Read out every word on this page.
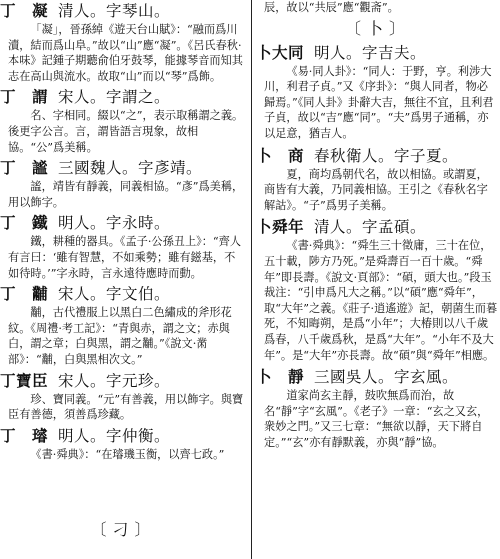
丁　凝 清人。字琴山。
「凝」，晉孫綽《遊天台山賦》：“融而爲川瀆，結而爲山阜。”故以“山”應“凝”。《呂氏春秋·本味》記鍾子期聽俞伯牙鼓琴，能據琴音而知其志在高山與流水。故取“山”而以“琴”爲飾。
丁　謂 宋人。字謂之。
名、字相同。綴以“之”，表示取稱謂之義。後更字公言。言，謂皆語言現象，故相協。“公”爲美稱。
丁　謐 三國魏人。字彥靖。
謐，靖皆有靜義，同義相協。“彥”爲美稱，用以飾字。
丁　鐵 明人。字永時。
鐵，耕種的器具。《孟子·公孫丑上》：“齊人有言曰：‘雖有智慧，不如乘勢；雖有鎡基，不如待時。’”字永時，言永遠待應時而動。
丁　黼 宋人。字文伯。
黼，古代禮服上以黑白二色繡成的斧形花紋。《周禮·考工記》：“青與赤，謂之文；赤與白，謂之章；白與黑，謂之黼。”《說文·黹部》：“黼，白與黑相次文。”
丁寶臣 宋人。字元珍。
珍、寶同義。“元”有善義，用以飾字。與寶臣有善德，須善爲珍藏。
丁　璿 明人。字仲衡。
《書·舜典》：“在璿璣玉衡，以齊七政。”
〔刁〕
辰，故以“共辰”應“觀斋”。
〔卜〕
卜大同 明人。字吉夫。
《易·同人卦》：“同人：于野，亨。利涉大川，利君子貞。”又《序卦》：“與人同者，物必歸焉。”《同人卦》卦辭大吉，無往不宜，且利君子貞，故以“吉”應“同”。“夫”爲男子通稱，亦以足意，猶吉人。
卜　商 春秋衛人。字子夏。
夏，商均爲朝代名，故以相協。或謂夏，商皆有大義，乃同義相協。王引之《春秋名字解詁》。“子”爲男子美稱。
卜舜年 清人。字孟碩。
《書·舜典》：“舜生三十徵庸，三十在位，五十載，陟方乃死。”是舜壽百一百十歲。“舜年”即長壽。《說文·頁部》：“碩，頭大也。”段玉裁注：“引申爲凡大之稱。”以“碩”應“舜年”，取“大年”之義。《莊子·逍遙遊》記，朝菌生而暮死，不知晦朔，是爲“小年”；大椿則以八千歲爲春，八千歲爲秋，是爲“大年”。“小年不及大年”。是“大年”亦長壽。故“碩”與“舜年”相應。
卜　靜 三國吳人。字玄風。
道家尚玄主靜，鼓吹無爲而治，故名“靜”字“玄風”。《老子》一章：“玄之又玄，衆妙之門。”又三七章：“無欲以靜，天下將自定。”“玄”亦有靜默義，亦與“靜”協。
